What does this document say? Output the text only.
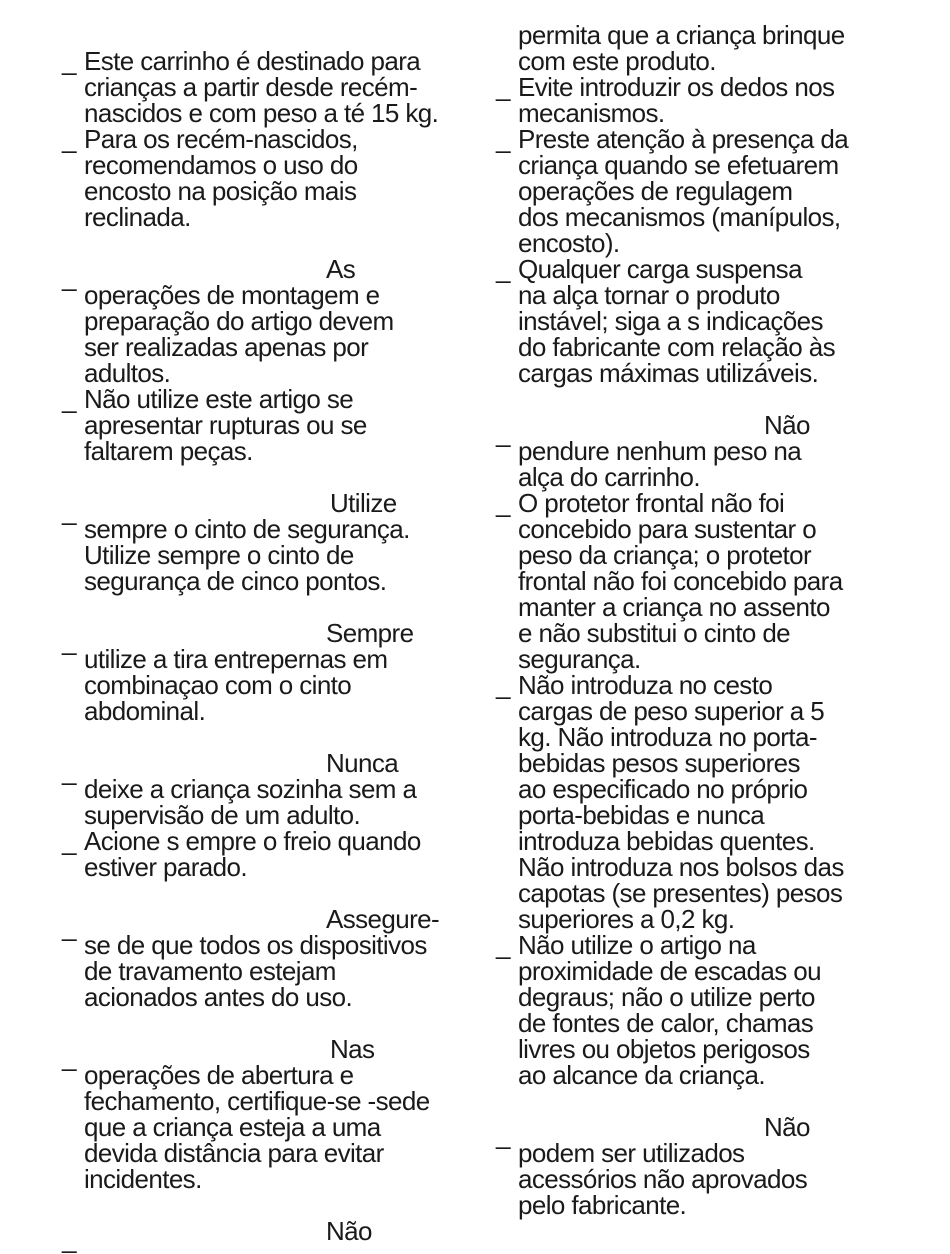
_ Este carrinho é destinado para
crianças a partir desde recém-
nascidos e com peso a té 15 kg.
_ Para os recém-nascidos,
recomendamos o uso do
encosto na posição mais
reclinada.
_	As
operações de montagem e
preparação do artigo devem
ser realizadas apenas por
adultos.
_ Não utilize este artigo se
apresentar rupturas ou se
faltarem peças.
_	Utilize
sempre o cinto de segurança.
Utilize sempre o cinto de
segurança de cinco pontos.
_	Sempre
utilize a tira entrepernas em
combinaçao com o cinto
abdominal.
_	Nunca
deixe a criança sozinha sem a
supervisão de um adulto.
_ Acione s empre o freio quando
estiver parado.
_	Assegure-
se de que todos os dispositivos
de travamento estejam
acionados antes do uso.
_	Nas
operações de abertura e
fechamento, certifique-se -sede
que a criança esteja a uma
devida distância para evitar
incidentes.
_	Não
permita que a criança brinque
com este produto.
_ Evite introduzir os dedos nos
mecanismos.
_ Preste atenção à presença da
criança quando se efetuarem
operações de regulagem
dos mecanismos (manípulos,
encosto).
_ Qualquer carga suspensa
na alça tornar o produto
instável; siga a s indicações
do fabricante com relação às
cargas máximas utilizáveis.
_	Não
pendure nenhum peso na
alça do carrinho.
_ O protetor frontal não foi
concebido para sustentar o
peso da criança; o protetor
frontal não foi concebido para
manter a criança no assento
e não substitui o cinto de
segurança.
_ Não introduza no cesto
cargas de peso superior a 5
kg. Não introduza no porta-
bebidas pesos superiores
ao especificado no próprio
porta-bebidas e nunca
introduza bebidas quentes.
Não introduza nos bolsos das
capotas (se presentes) pesos
superiores a 0,2 kg.
_ Não utilize o artigo na
proximidade de escadas ou
degraus; não o utilize perto
de fontes de calor, chamas
livres ou objetos perigosos
ao alcance da criança.
_	Não
podem ser utilizados
acessórios não aprovados
pelo fabricante.
